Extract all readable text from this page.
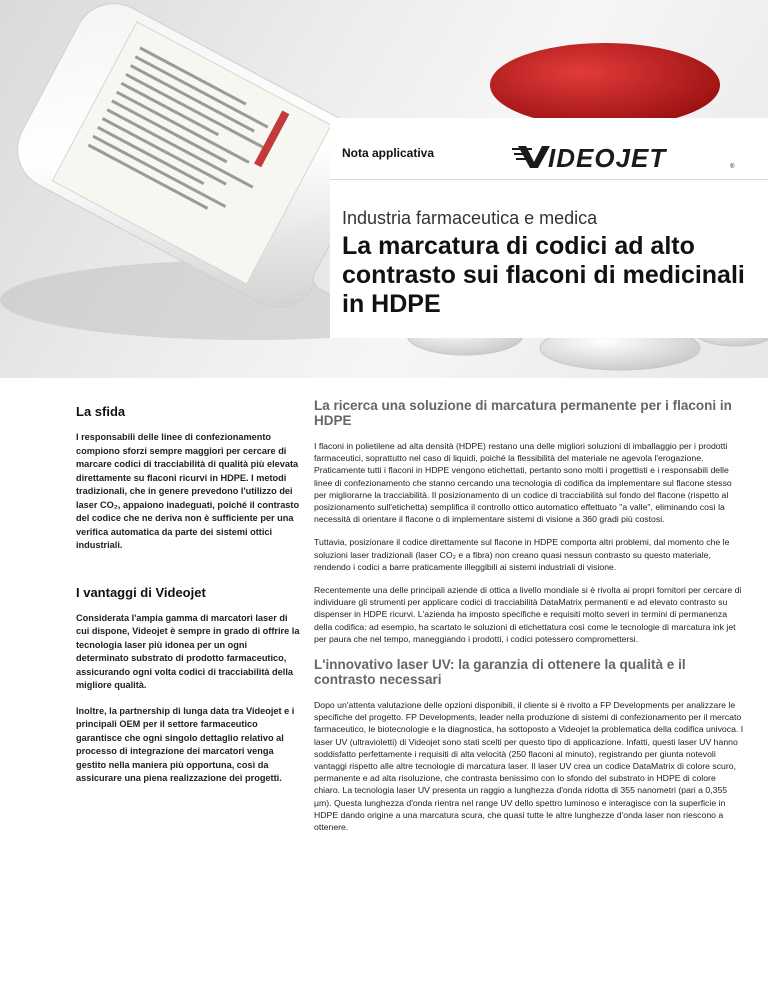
Nota applicativa	IDEOJET	®
Industria farmaceutica e medica
La marcatura di codici ad alto contrasto sui flaconi di medicinali in HDPE
La sfida

I responsabili delle linee di confezionamento compiono sforzi sempre maggiori per cercare di marcare codici di tracciabilità di qualità più elevata direttamente su flaconi ricurvi in HDPE. I metodi tradizionali, che in genere prevedono l'utilizzo dei laser CO₂, appaiono inadeguati, poiché il contrasto del codice che ne deriva non è sufficiente per una verifica automatica da parte dei sistemi ottici industriali.

I vantaggi di Videojet

Considerata l'ampia gamma di marcatori laser di cui dispone, Videojet è sempre in grado di offrire la tecnologia laser più idonea per un ogni determinato substrato di prodotto farmaceutico, assicurando ogni volta codici di tracciabilità della migliore qualità.

Inoltre, la partnership di lunga data tra Videojet e i principali OEM per il settore farmaceutico garantisce che ogni singolo dettaglio relativo al processo di integrazione dei marcatori venga gestito nella maniera più opportuna, così da assicurare una piena realizzazione dei progetti.

La ricerca una soluzione di marcatura permanente per i flaconi in HDPE

I flaconi in polietilene ad alta densità (HDPE) restano una delle migliori soluzioni di imballaggio per i prodotti farmaceutici, soprattutto nel caso di liquidi, poiché la flessibilità del materiale ne agevola l'erogazione. Praticamente tutti i flaconi in HDPE vengono etichettati, pertanto sono molti i progettisti e i responsabili delle linee di confezionamento che stanno cercando una tecnologia di codifica da implementare sul flacone stesso per migliorarne la tracciabilità. Il posizionamento di un codice di tracciabilità sul fondo del flacone (rispetto al posizionamento sull'etichetta) semplifica il controllo ottico automatico effettuato "a valle", eliminando così la necessità di orientare il flacone o di implementare sistemi di visione a 360 gradi più costosi.

Tuttavia, posizionare il codice direttamente sul flacone in HDPE comporta altri problemi, dal momento che le soluzioni laser tradizionali (laser CO₂ e a fibra) non creano quasi nessun contrasto su questo materiale, rendendo i codici a barre praticamente illeggibili ai sistemi industriali di visione.

Recentemente una delle principali aziende di ottica a livello mondiale si è rivolta ai propri fornitori per cercare di individuare gli strumenti per applicare codici di tracciabilità DataMatrix permanenti e ad elevato contrasto su dispenser in HDPE ricurvi. L'azienda ha imposto specifiche e requisiti molto severi in termini di permanenza della codifica: ad esempio, ha scartato le soluzioni di etichettatura così come le tecnologie di marcatura ink jet per paura che nel tempo, maneggiando i prodotti, i codici potessero compromettersi.

L'innovativo laser UV: la garanzia di ottenere la qualità e il contrasto necessari

Dopo un'attenta valutazione delle opzioni disponibili, il cliente si è rivolto a FP Developments per analizzare le specifiche del progetto. FP Developments, leader nella produzione di sistemi di confezionamento per il mercato farmaceutico, le biotecnologie e la diagnostica, ha sottoposto a Videojet la problematica della codifica univoca. I laser UV (ultravioletti) di Videojet sono stati scelti per questo tipo di applicazione. Infatti, questi laser UV hanno soddisfatto perfettamente i requisiti di alta velocità (250 flaconi al minuto), registrando per giunta notevoli vantaggi rispetto alle altre tecnologie di marcatura laser. Il laser UV crea un codice DataMatrix di colore scuro, permanente e ad alta risoluzione, che contrasta benissimo con lo sfondo del substrato in HDPE di colore chiaro. La tecnologia laser UV presenta un raggio a lunghezza d'onda ridotta di 355 nanometri (pari a 0,355 µm). Questa lunghezza d'onda rientra nel range UV dello spettro luminoso e interagisce con la superficie in HDPE dando origine a una marcatura scura, che quasi tutte le altre lunghezze d'onda laser non riescono a ottenere.
